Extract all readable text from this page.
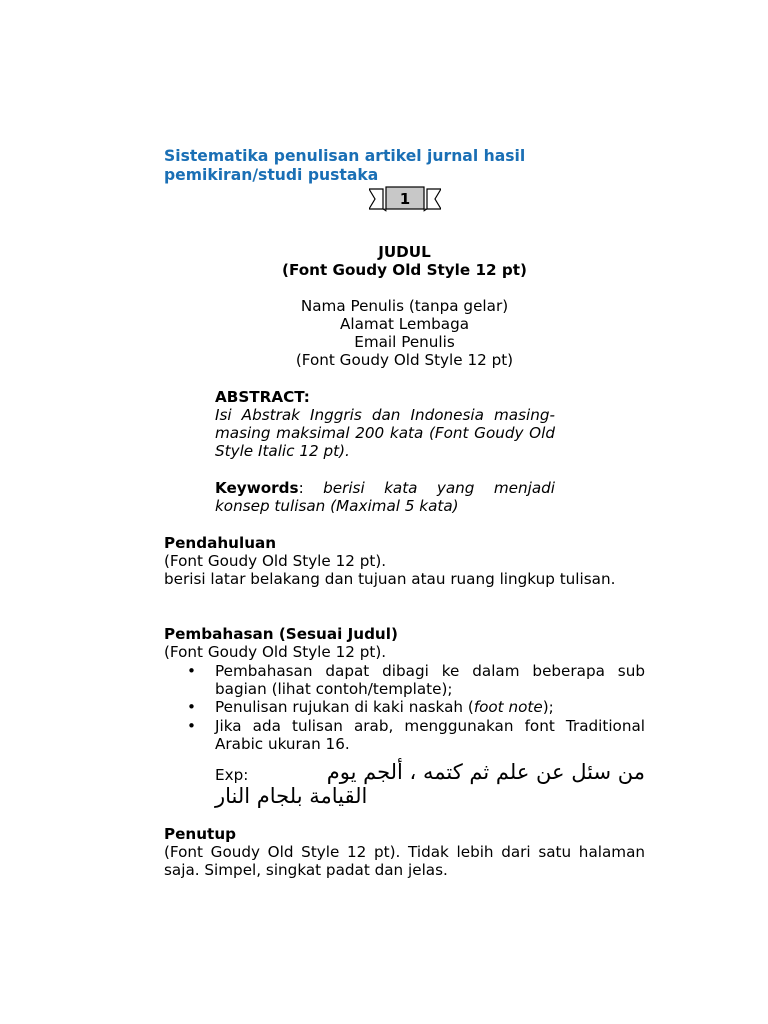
Sistematika penulisan artikel jurnal hasil
pemikiran/studi pustaka
1
JUDUL
(Font Goudy Old Style 12 pt)
Nama Penulis (tanpa gelar)
Alamat Lembaga
Email Penulis
(Font Goudy Old Style 12 pt)
ABSTRACT:
Isi Abstrak Inggris dan Indonesia masing-masing maksimal 200 kata (Font Goudy Old Style Italic 12 pt).
Keywords: berisi kata yang menjadi konsep tulisan (Maximal 5 kata)
Pendahuluan
(Font Goudy Old Style 12 pt).
berisi latar belakang dan tujuan atau ruang lingkup tulisan.
Pembahasan (Sesuai Judul)
(Font Goudy Old Style 12 pt).
• Pembahasan dapat dibagi ke dalam beberapa sub bagian (lihat contoh/template);
• Penulisan rujukan di kaki naskah (foot note);
• Jika ada tulisan arab, menggunakan font Traditional Arabic ukuran 16.
Exp:	من سئل عن علم ثم كتمه ، ألجم يوم
القيامة بلجام النار
Penutup
(Font Goudy Old Style 12 pt). Tidak lebih dari satu halaman saja. Simpel, singkat padat dan jelas.
